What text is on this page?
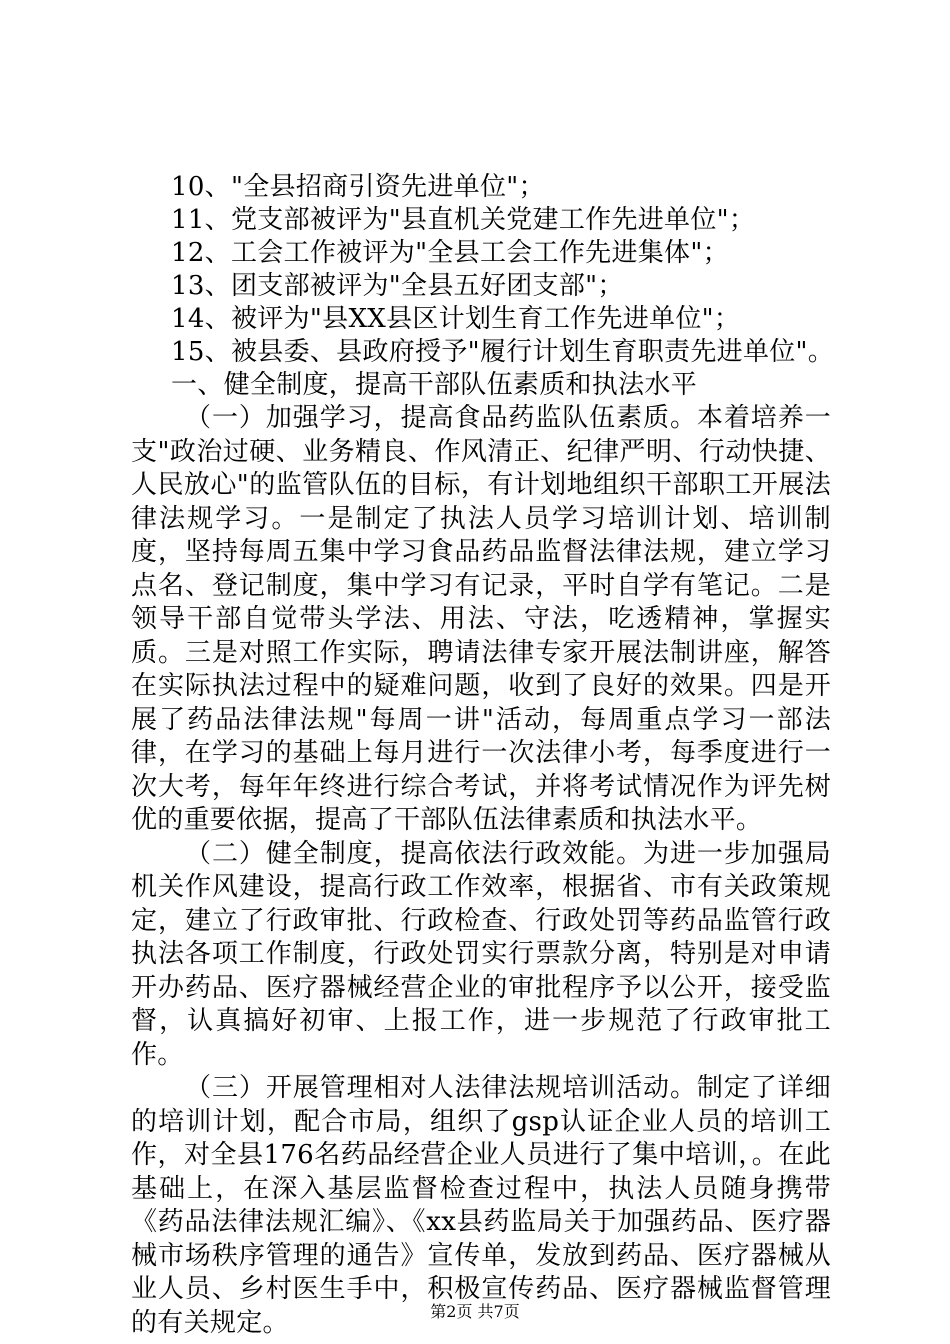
10、"全县招商引资先进单位"；
11、党支部被评为"县直机关党建工作先进单位"；
12、工会工作被评为"全县工会工作先进集体"；
13、团支部被评为"全县五好团支部"；
14、被评为"县XX县区计划生育工作先进单位"；
15、被县委、县政府授予"履行计划生育职责先进单位"。
一、健全制度，提高干部队伍素质和执法水平
（一）加强学习，提高食品药监队伍素质。本着培养一支"政治过硬、业务精良、作风清正、纪律严明、行动快捷、人民放心"的监管队伍的目标，有计划地组织干部职工开展法律法规学习。一是制定了执法人员学习培训计划、培训制度，坚持每周五集中学习食品药品监督法律法规，建立学习点名、登记制度，集中学习有记录，平时自学有笔记。二是领导干部自觉带头学法、用法、守法，吃透精神，掌握实质。三是对照工作实际，聘请法律专家开展法制讲座，解答在实际执法过程中的疑难问题，收到了良好的效果。四是开展了药品法律法规"每周一讲"活动，每周重点学习一部法律，在学习的基础上每月进行一次法律小考，每季度进行一次大考，每年年终进行综合考试，并将考试情况作为评先树优的重要依据，提高了干部队伍法律素质和执法水平。
（二）健全制度，提高依法行政效能。为进一步加强局机关作风建设，提高行政工作效率，根据省、市有关政策规定，建立了行政审批、行政检查、行政处罚等药品监管行政执法各项工作制度，行政处罚实行票款分离，特别是对申请开办药品、医疗器械经营企业的审批程序予以公开，接受监督，认真搞好初审、上报工作，进一步规范了行政审批工作。
（三）开展管理相对人法律法规培训活动。制定了详细的培训计划，配合市局，组织了gsp认证企业人员的培训工作，对全县176名药品经营企业人员进行了集中培训，。在此基础上，在深入基层监督检查过程中，执法人员随身携带《药品法律法规汇编》、《xx县药监局关于加强药品、医疗器械市场秩序管理的通告》宣传单，发放到药品、医疗器械从业人员、乡村医生手中，积极宣传药品、医疗器械监督管理的有关规定。	第2页 共7页
